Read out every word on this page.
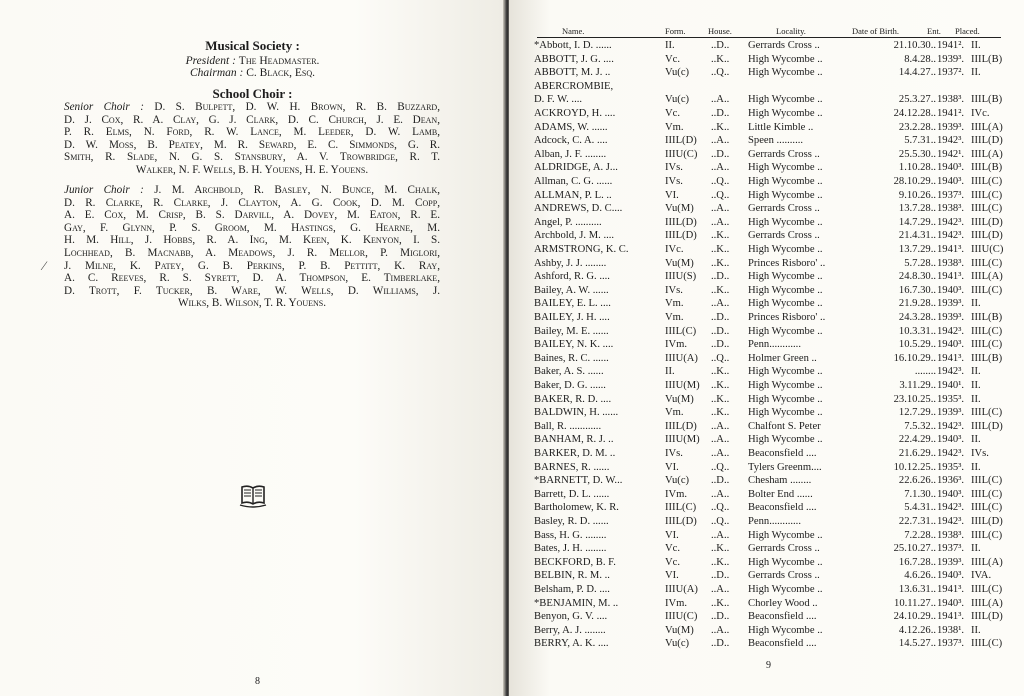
Musical Society :
President : The Headmaster.
Chairman : C. Black, Esq.
School Choir :
Senior Choir : D. S. Bulpett, D. W. H. Brown, R. B. Buzzard,
D. J. Cox, R. A. Clay, G. J. Clark, D. C. Church, J. E. Dean,
P. R. Elms, N. Ford, R. W. Lance, M. Leeder, D. W. Lamb,
D. W. Moss, B. Peatey, M. R. Seward, E. C. Simmonds, G. R.
Smith, R. Slade, N. G. S. Stansbury, A. V. Trowbridge, R. T.
Walker, N. F. Wells, B. H. Youens, H. E. Youens.
Junior Choir : J. M. Archbold, R. Basley, N. Bunce, M. Chalk,
D. R. Clarke, R. Clarke, J. Clayton, A. G. Cook, D. M. Copp,
A. E. Cox, M. Crisp, B. S. Darvill, A. Dovey, M. Eaton, R. E.
Gay, F. Glynn, P. S. Groom, M. Hastings, G. Hearne, M.
H. M. Hill, J. Hobbs, R. A. Ing, M. Keen, K. Kenyon, I. S.
Lochhead, B. Macnabb, A. Meadows, J. R. Mellor, P. Miglori,
J. Milne, K. Patey, G. B. Perkins, P. B. Pettitt, K. Ray,
A. C. Reeves, R. S. Syrett, D. A. Thompson, E. Timberlake,
D. Trott, F. Tucker, B. Ware, W. Wells, D. Williams, J.
Wilks, B. Wilson, T. R. Youens.
∕
8
Name.	Form.	House.	Locality.	Date of Birth.	Ent. Placed.
*Abbott, I. D. ......	II.	..D..	Gerrards Cross ..	21.10.30.. 1941². II.
ABBOTT, J. G. ....	Vc.	..K..	High Wycombe ..	8.4.28.. 1939³. IIIL(B)
ABBOTT, M. J. ..	Vu(c)	..Q..	High Wycombe ..	14.4.27.. 1937². II.
ABERCROMBIE,
D. F. W. ....	Vu(c)	..A..	High Wycombe ..	25.3.27.. 1938³. IIIL(B)
ACKROYD, H. ....	Vc.	..D..	High Wycombe ..	24.12.28.. 1941². IVc.
ADAMS, W. ......	Vm.	..K..	Little Kimble ..	23.2.28.. 1939³. IIIL(A)
Adcock, C. A. ....	IIIL(D)	..A..	Speen ..........	5.7.31.. 1942³. IIIL(D)
Alban, J. F. ........	IIIU(C)	..D..	Gerrards Cross ..	25.5.30.. 1942¹. IIIL(A)
ALDRIDGE, A. J...	IVs.	..A..	High Wycombe ..	1.10.28.. 1940³. IIIL(B)
Allman, C. G. ......	IVs.	..Q..	High Wycombe ..	28.10.29.. 1940³. IIIL(C)
ALLMAN, P. L. ..	VI.	..Q..	High Wycombe ..	9.10.26.. 1937³. IIIL(C)
ANDREWS, D. C....	Vu(M)	..A..	Gerrards Cross ..	13.7.28.. 1938³. IIIL(C)
Angel, P. ..........	IIIL(D)	..A..	High Wycombe ..	14.7.29.. 1942³. IIIL(D)
Archbold, J. M. ....	IIIL(D)	..K..	Gerrards Cross ..	21.4.31.. 1942³. IIIL(D)
ARMSTRONG, K. C.	IVc.	..K..	High Wycombe ..	13.7.29.. 1941³. IIIU(C)
Ashby, J. J. ........	Vu(M)	..K..	Princes Risboro' ..	5.7.28.. 1938³. IIIL(C)
Ashford, R. G. ....	IIIU(S)	..D..	High Wycombe ..	24.8.30.. 1941³. IIIL(A)
Bailey, A. W. ......	IVs.	..K..	High Wycombe ..	16.7.30.. 1940³. IIIL(C)
BAILEY, E. L. ....	Vm.	..A..	High Wycombe ..	21.9.28.. 1939³. II.
BAILEY, J. H. ....	Vm.	..D..	Princes Risboro' ..	24.3.28.. 1939³. IIIL(B)
Bailey, M. E. ......	IIIL(C)	..D..	High Wycombe ..	10.3.31.. 1942³. IIIL(C)
BAILEY, N. K. ....	IVm.	..D..	Penn............	10.5.29.. 1940³. IIIL(C)
Baines, R. C. ......	IIIU(A)	..Q..	Holmer Green ..	16.10.29.. 1941³. IIIL(B)
Baker, A. S. ......	II.	..K..	High Wycombe ..	........ 1942³. II.
Baker, D. G. ......	IIIU(M)	..K..	High Wycombe ..	3.11.29.. 1940¹. II.
BAKER, R. D. ....	Vu(M)	..K..	High Wycombe ..	23.10.25.. 1935³. II.
BALDWIN, H. ......	Vm.	..K..	High Wycombe ..	12.7.29.. 1939³. IIIL(C)
Ball, R. ............	IIIL(D)	..A..	Chalfont S. Peter	7.5.32.. 1942³. IIIL(D)
BANHAM, R. J. ..	IIIU(M)	..A..	High Wycombe ..	22.4.29.. 1940³. II.
BARKER, D. M. ..	IVs.	..A..	Beaconsfield ....	21.6.29.. 1942³. IVs.
BARNES, R. ......	VI.	..Q..	Tylers Greenm....	10.12.25.. 1935³. II.
*BARNETT, D. W...	Vu(c)	..D..	Chesham ........	22.6.26.. 1936³. IIIL(C)
Barrett, D. L. ......	IVm.	..A..	Bolter End ......	7.1.30.. 1940³. IIIL(C)
Bartholomew, K. R.	IIIL(C)	..Q..	Beaconsfield ....	5.4.31.. 1942³. IIIL(C)
Basley, R. D. ......	IIIL(D)	..Q..	Penn............	22.7.31.. 1942³. IIIL(D)
Bass, H. G. ........	VI.	..A..	High Wycombe ..	7.2.28.. 1938³. IIIL(C)
Bates, J. H. ........	Vc.	..K..	Gerrards Cross ..	25.10.27.. 1937³. II.
BECKFORD, B. F.	Vc.	..K..	High Wycombe ..	16.7.28.. 1939³. IIIL(A)
BELBIN, R. M. ..	VI.	..D..	Gerrards Cross ..	4.6.26.. 1940³. IVA.
Belsham, P. D. ....	IIIU(A)	..A..	High Wycombe ..	13.6.31.. 1941³. IIIL(C)
*BENJAMIN, M. ..	IVm.	..K..	Chorley Wood ..	10.11.27.. 1940³. IIIL(A)
Benyon, G. V. ....	IIIU(C)	..D..	Beaconsfield ....	24.10.29.. 1941³. IIIL(D)
Berry, A. J. ........	Vu(M)	..A..	High Wycombe ..	4.12.26.. 1938¹. II.
BERRY, A. K. ....	Vu(c)	..D..	Beaconsfield ....	14.5.27.. 1937³. IIIL(C)
9
